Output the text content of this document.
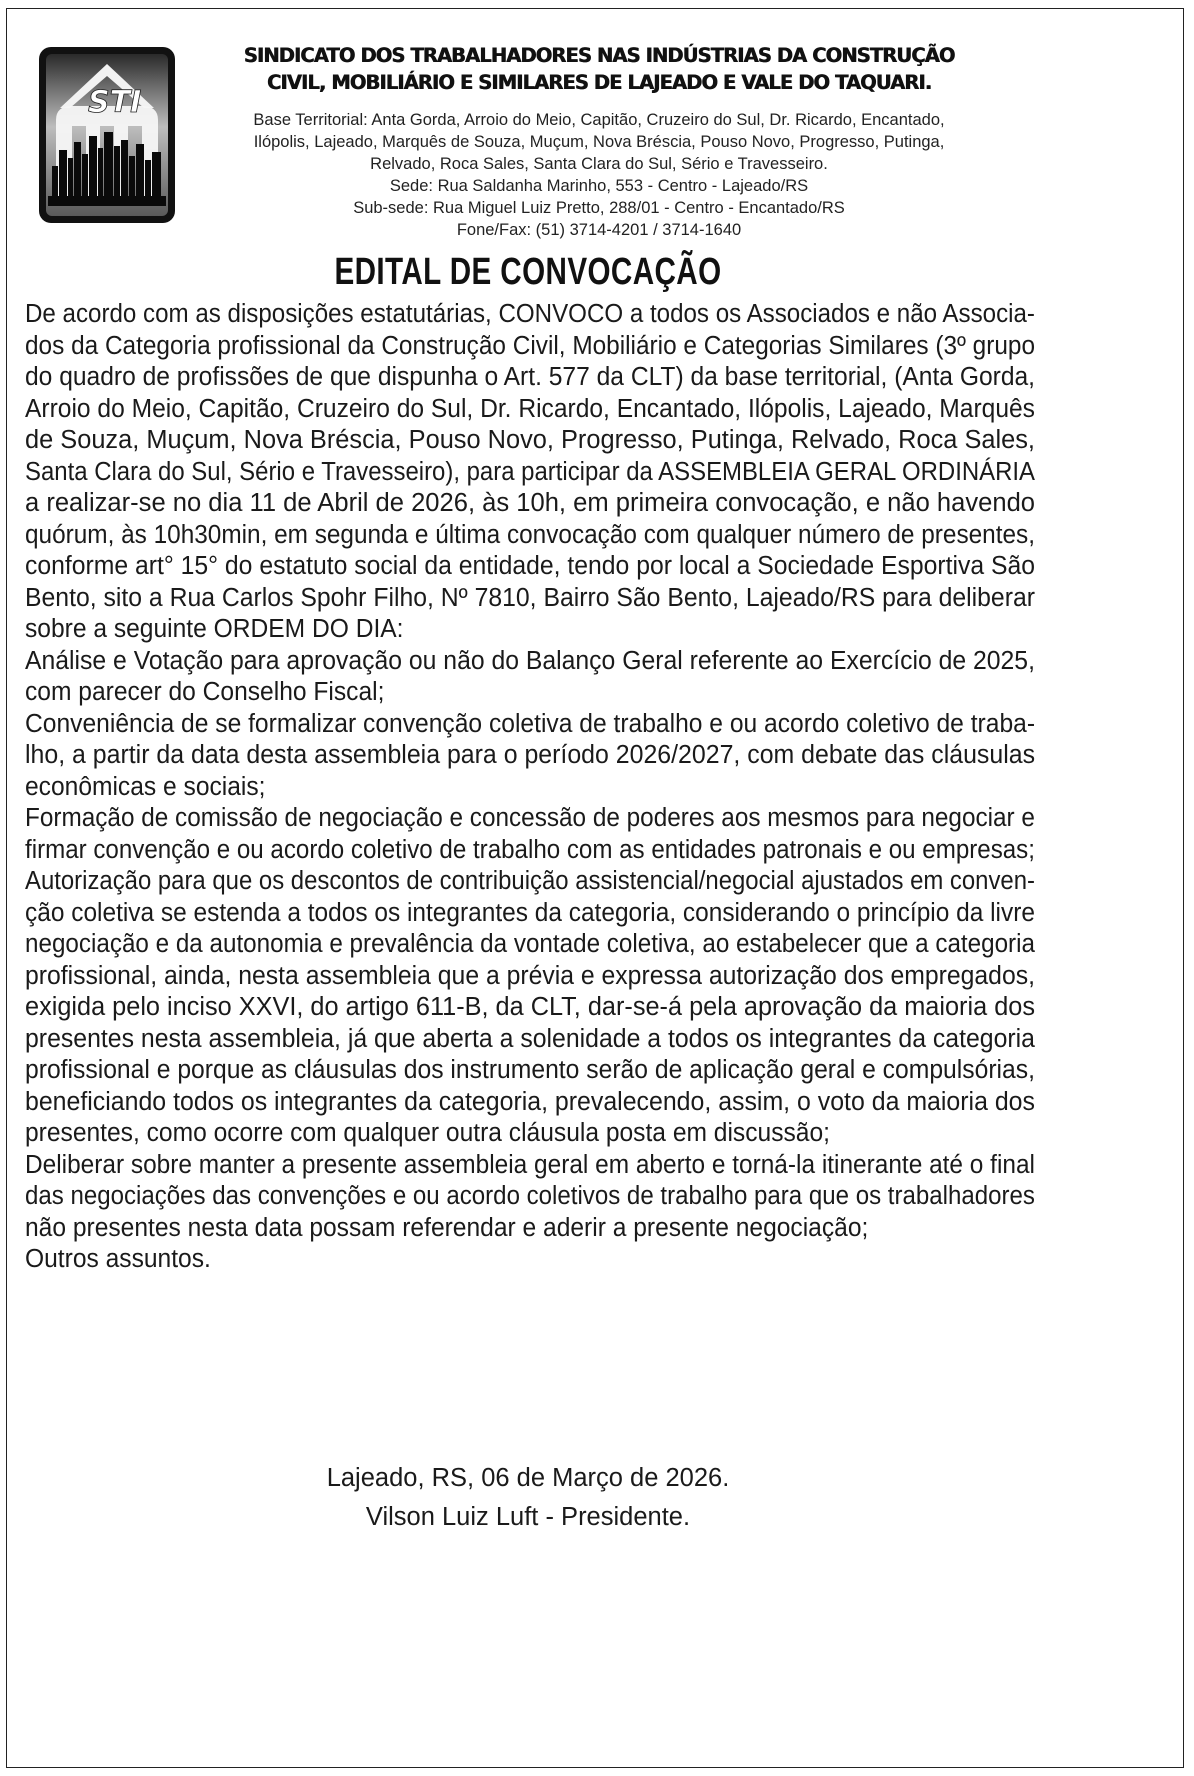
STI
SINDICATO DOS TRABALHADORES NAS INDÚSTRIAS DA CONSTRUÇÃO
CIVIL, MOBILIÁRIO E SIMILARES DE LAJEADO E VALE DO TAQUARI.
Base Territorial: Anta Gorda, Arroio do Meio, Capitão, Cruzeiro do Sul, Dr. Ricardo, Encantado,
Ilópolis, Lajeado, Marquês de Souza, Muçum, Nova Bréscia, Pouso Novo, Progresso, Putinga,
Relvado, Roca Sales, Santa Clara do Sul, Sério e Travesseiro.
Sede: Rua Saldanha Marinho, 553 - Centro - Lajeado/RS
Sub-sede: Rua Miguel Luiz Pretto, 288/01 - Centro - Encantado/RS
Fone/Fax: (51) 3714-4201 / 3714-1640
EDITAL DE CONVOCAÇÃO
De acordo com as disposições estatutárias, CONVOCO a todos os Associados e não Associa-
dos da Categoria profissional da Construção Civil, Mobiliário e Categorias Similares (3º grupo
do quadro de profissões de que dispunha o Art. 577 da CLT) da base territorial, (Anta Gorda,
Arroio do Meio, Capitão, Cruzeiro do Sul, Dr. Ricardo, Encantado, Ilópolis, Lajeado, Marquês
de Souza, Muçum, Nova Bréscia, Pouso Novo, Progresso, Putinga, Relvado, Roca Sales,
Santa Clara do Sul, Sério e Travesseiro), para participar da ASSEMBLEIA GERAL ORDINÁRIA
a realizar-se no dia 11 de Abril de 2026, às 10h, em primeira convocação, e não havendo
quórum, às 10h30min, em segunda e última convocação com qualquer número de presentes,
conforme art° 15° do estatuto social da entidade, tendo por local a Sociedade Esportiva São
Bento, sito a Rua Carlos Spohr Filho, Nº 7810, Bairro São Bento, Lajeado/RS para deliberar
sobre a seguinte ORDEM DO DIA:
Análise e Votação para aprovação ou não do Balanço Geral referente ao Exercício de 2025,
com parecer do Conselho Fiscal;
Conveniência de se formalizar convenção coletiva de trabalho e ou acordo coletivo de traba-
lho, a partir da data desta assembleia para o período 2026/2027, com debate das cláusulas
econômicas e sociais;
Formação de comissão de negociação e concessão de poderes aos mesmos para negociar e
firmar convenção e ou acordo coletivo de trabalho com as entidades patronais e ou empresas;
Autorização para que os descontos de contribuição assistencial/negocial ajustados em conven-
ção coletiva se estenda a todos os integrantes da categoria, considerando o princípio da livre
negociação e da autonomia e prevalência da vontade coletiva, ao estabelecer que a categoria
profissional, ainda, nesta assembleia que a prévia e expressa autorização dos empregados,
exigida pelo inciso XXVI, do artigo 611-B, da CLT, dar-se-á pela aprovação da maioria dos
presentes nesta assembleia, já que aberta a solenidade a todos os integrantes da categoria
profissional e porque as cláusulas dos instrumento serão de aplicação geral e compulsórias,
beneficiando todos os integrantes da categoria, prevalecendo, assim, o voto da maioria dos
presentes, como ocorre com qualquer outra cláusula posta em discussão;
Deliberar sobre manter a presente assembleia geral em aberto e torná-la itinerante até o final
das negociações das convenções e ou acordo coletivos de trabalho para que os trabalhadores
não presentes nesta data possam referendar e aderir a presente negociação;
Outros assuntos.
Lajeado, RS, 06 de Março de 2026.
Vilson Luiz Luft - Presidente.
